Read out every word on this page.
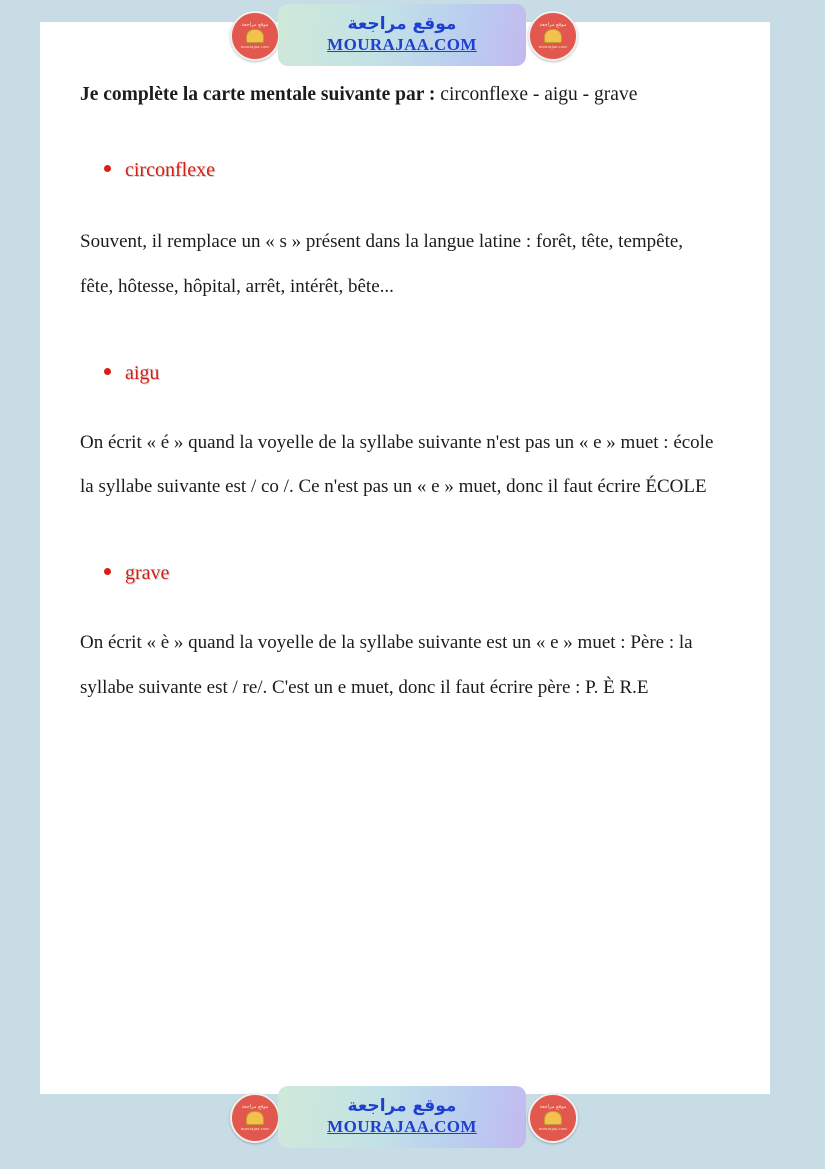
Je complète la carte mentale suivante par : circonflexe - aigu - grave

circonflexe

Souvent, il remplace un « s » présent dans la langue latine : forêt, tête, tempête, fête, hôtesse, hôpital, arrêt, intérêt, bête...

aigu

On écrit « é » quand la voyelle de la syllabe suivante n'est pas un « e » muet : école la syllabe suivante est / co /. Ce n'est pas un « e » muet, donc il faut écrire ÉCOLE

grave

On écrit « è » quand la voyelle de la syllabe suivante est un « e » muet : Père : la syllabe suivante est / re/. C'est un e muet, donc il faut écrire père : P. È R.E

موقع مراجعة
mourajaa.com
موقع مراجعة
MOURAJAA.COM
موقع مراجعة
mourajaa.com
موقع مراجعة
mourajaa.com
موقع مراجعة
MOURAJAA.COM
موقع مراجعة
mourajaa.com
